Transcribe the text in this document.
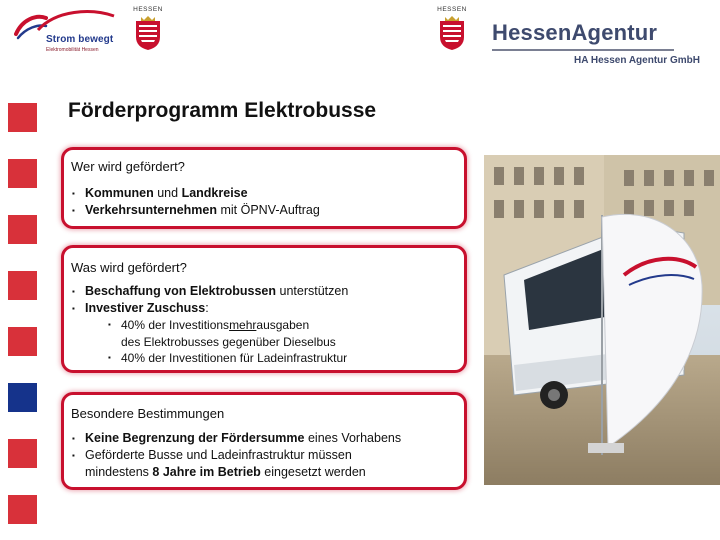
Strom bewegt
Elektromobilität Hessen
HESSEN	HESSEN
HessenAgentur
HA Hessen Agentur GmbH
Förderprogramm Elektrobusse
Wer wird gefördert?
▪ Kommunen und Landkreise
▪ Verkehrsunternehmen mit ÖPNV-Auftrag
Was wird gefördert?
▪ Beschaffung von Elektrobussen unterstützen
▪ Investiver Zuschuss:
▪ 40% der Investitionsmehrausgaben
des Elektrobusses gegenüber Dieselbus
▪ 40% der Investitionen für Ladeinfrastruktur
Besondere Bestimmungen
▪ Keine Begrenzung der Fördersumme eines Vorhabens
▪ Geförderte Busse und Ladeinfrastruktur müssen
mindestens 8 Jahre im Betrieb eingesetzt werden
